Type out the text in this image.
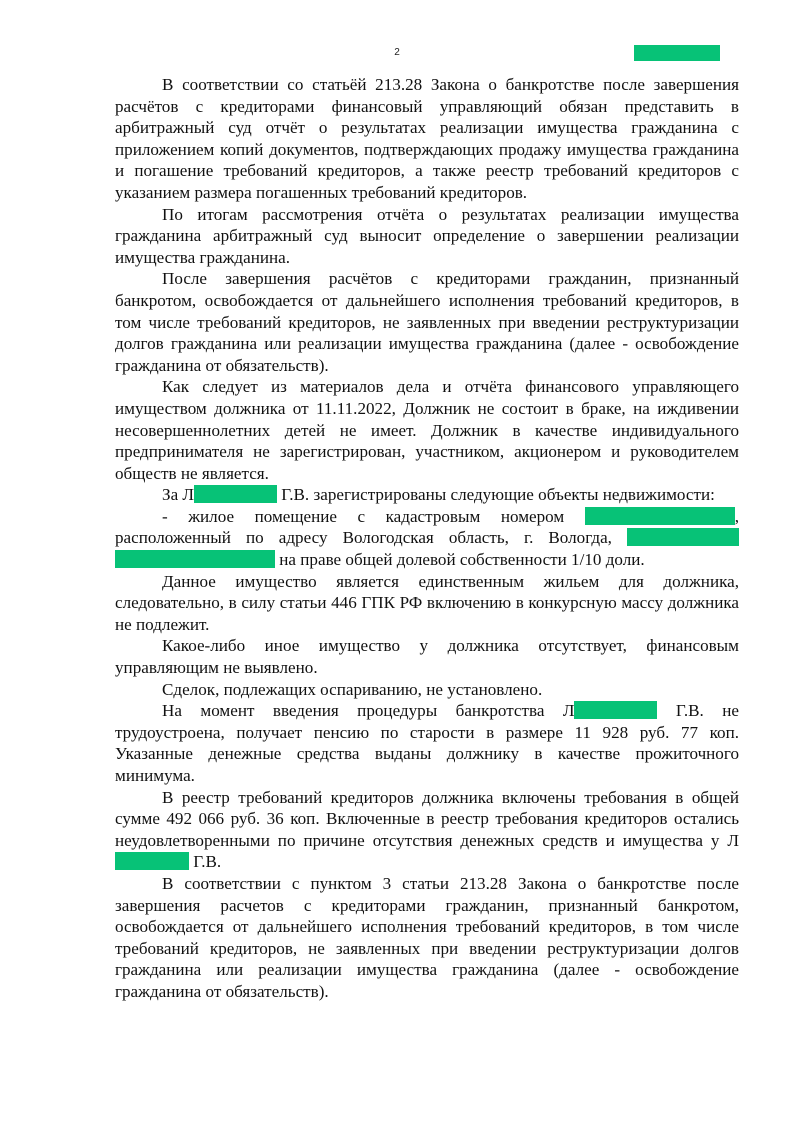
2

В соответствии со статьёй 213.28 Закона о банкротстве после завершения расчётов с кредиторами финансовый управляющий обязан представить в арбитражный суд отчёт о результатах реализации имущества гражданина с приложением копий документов, подтверждающих продажу имущества гражданина и погашение требований кредиторов, а также реестр требований кредиторов с указанием размера погашенных требований кредиторов.

По итогам рассмотрения отчёта о результатах реализации имущества гражданина арбитражный суд выносит определение о завершении реализации имущества гражданина.

После завершения расчётов с кредиторами гражданин, признанный банкротом, освобождается от дальнейшего исполнения требований кредиторов, в том числе требований кредиторов, не заявленных при введении реструктуризации долгов гражданина или реализации имущества гражданина (далее - освобождение гражданина от обязательств).

Как следует из материалов дела и отчёта финансового управляющего имуществом должника от 11.11.2022, Должник не состоит в браке, на иждивении несовершеннолетних детей не имеет. Должник в качестве индивидуального предпринимателя не зарегистрирован, участником, акционером и руководителем обществ не является.

За Л	Г.В. зарегистрированы следующие объекты недвижимости:

- жилое помещение с кадастровым номером	, расположенный по адресу Вологодская область, г. Вологда,   на праве общей долевой собственности 1/10 доли.

Данное имущество является единственным жильем для должника, следовательно, в силу статьи 446 ГПК РФ включению в конкурсную массу должника не подлежит.

Какое-либо иное имущество у должника отсутствует, финансовым управляющим не выявлено.

Сделок, подлежащих оспариванию, не установлено.

На момент введения процедуры банкротства Л	Г.В. не трудоустроена, получает пенсию по старости в размере 11 928 руб. 77 коп. Указанные денежные средства выданы должнику в качестве прожиточного минимума.

В реестр требований кредиторов должника включены требования в общей сумме 492 066 руб. 36 коп. Включенные в реестр требования кредиторов остались неудовлетворенными по причине отсутствия денежных средств и имущества у Л Г.В.

В соответствии с пунктом 3 статьи 213.28 Закона о банкротстве после завершения расчетов с кредиторами гражданин, признанный банкротом, освобождается от дальнейшего исполнения требований кредиторов, в том числе требований кредиторов, не заявленных при введении реструктуризации долгов гражданина или реализации имущества гражданина (далее - освобождение гражданина от обязательств).
